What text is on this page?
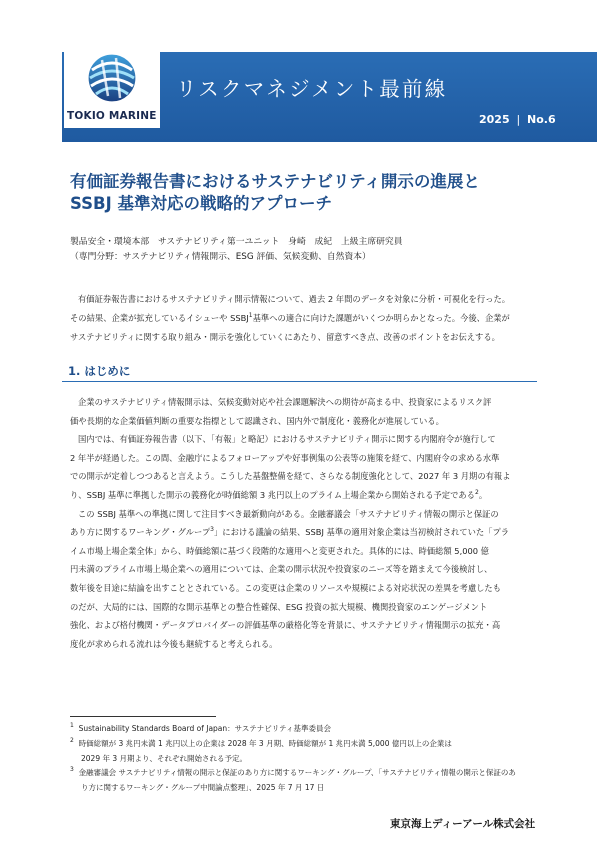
リスクマネジメント最前線
2025 | No.6
TOKIO MARINE
有価証券報告書におけるサステナビリティ開示の進展と
SSBJ 基準対応の戦略的アプローチ
製品安全・環境本部　サステナビリティ第一ユニット　身崎　成紀　上級主席研究員
（専門分野：サステナビリティ情報開示、ESG 評価、気候変動、自然資本）
有価証券報告書におけるサステナビリティ開示情報について、過去 2 年間のデータを対象に分析・可視化を行った。
その結果、企業が拡充しているイシューや SSBJ$^1$基準への適合に向けた課題がいくつか明らかとなった。今後、企業が
サステナビリティに関する取り組み・開示を強化していくにあたり、留意すべき点、改善のポイントをお伝えする。
1. はじめに
企業のサステナビリティ情報開示は、気候変動対応や社会課題解決への期待が高まる中、投資家によるリスク評
価や長期的な企業価値判断の重要な指標として認識され、国内外で制度化・義務化が進展している。
国内では、有価証券報告書（以下、「有報」と略記）におけるサステナビリティ開示に関する内閣府令が施行して
2 年半が経過した。この間、金融庁によるフォローアップや好事例集の公表等の施策を経て、内閣府令の求める水準
での開示が定着しつつあると言えよう。こうした基盤整備を経て、さらなる制度強化として、2027 年 3 月期の有報よ
り、SSBJ 基準に準拠した開示の義務化が時価総額 3 兆円以上のプライム上場企業から開始される予定である$^2$。
この SSBJ 基準への準拠に関して注目すべき最新動向がある。金融審議会「サステナビリティ情報の開示と保証の
あり方に関するワーキング・グループ$^3$」における議論の結果、SSBJ 基準の適用対象企業は当初検討されていた「プラ
イム市場上場企業全体」から、時価総額に基づく段階的な適用へと変更された。具体的には、時価総額 5,000 億
円未満のプライム市場上場企業への適用については、企業の開示状況や投資家のニーズ等を踏まえて今後検討し、
数年後を目途に結論を出すこととされている。この変更は企業のリソースや規模による対応状況の差異を考慮したも
のだが、大局的には、国際的な開示基準との整合性確保、ESG 投資の拡大規模、機関投資家のエンゲージメント
強化、および格付機関・データプロバイダーの評価基準の厳格化等を背景に、サステナビリティ情報開示の拡充・高
度化が求められる流れは今後も継続すると考えられる。
$^1$ Sustainability Standards Board of Japan：サステナビリティ基準委員会
$^2$ 時価総額が 3 兆円未満 1 兆円以上の企業は 2028 年 3 月期、時価総額が 1 兆円未満 5,000 億円以上の企業は
2029 年 3 月期より、それぞれ開始される予定。
$^3$ 金融審議会 サステナビリティ情報の開示と保証のあり方に関するワーキング・グループ、「サステナビリティ情報の開示と保証のあ
り方に関するワーキング・グループ中間論点整理」、2025 年 7 月 17 日
東京海上ディーアール株式会社
